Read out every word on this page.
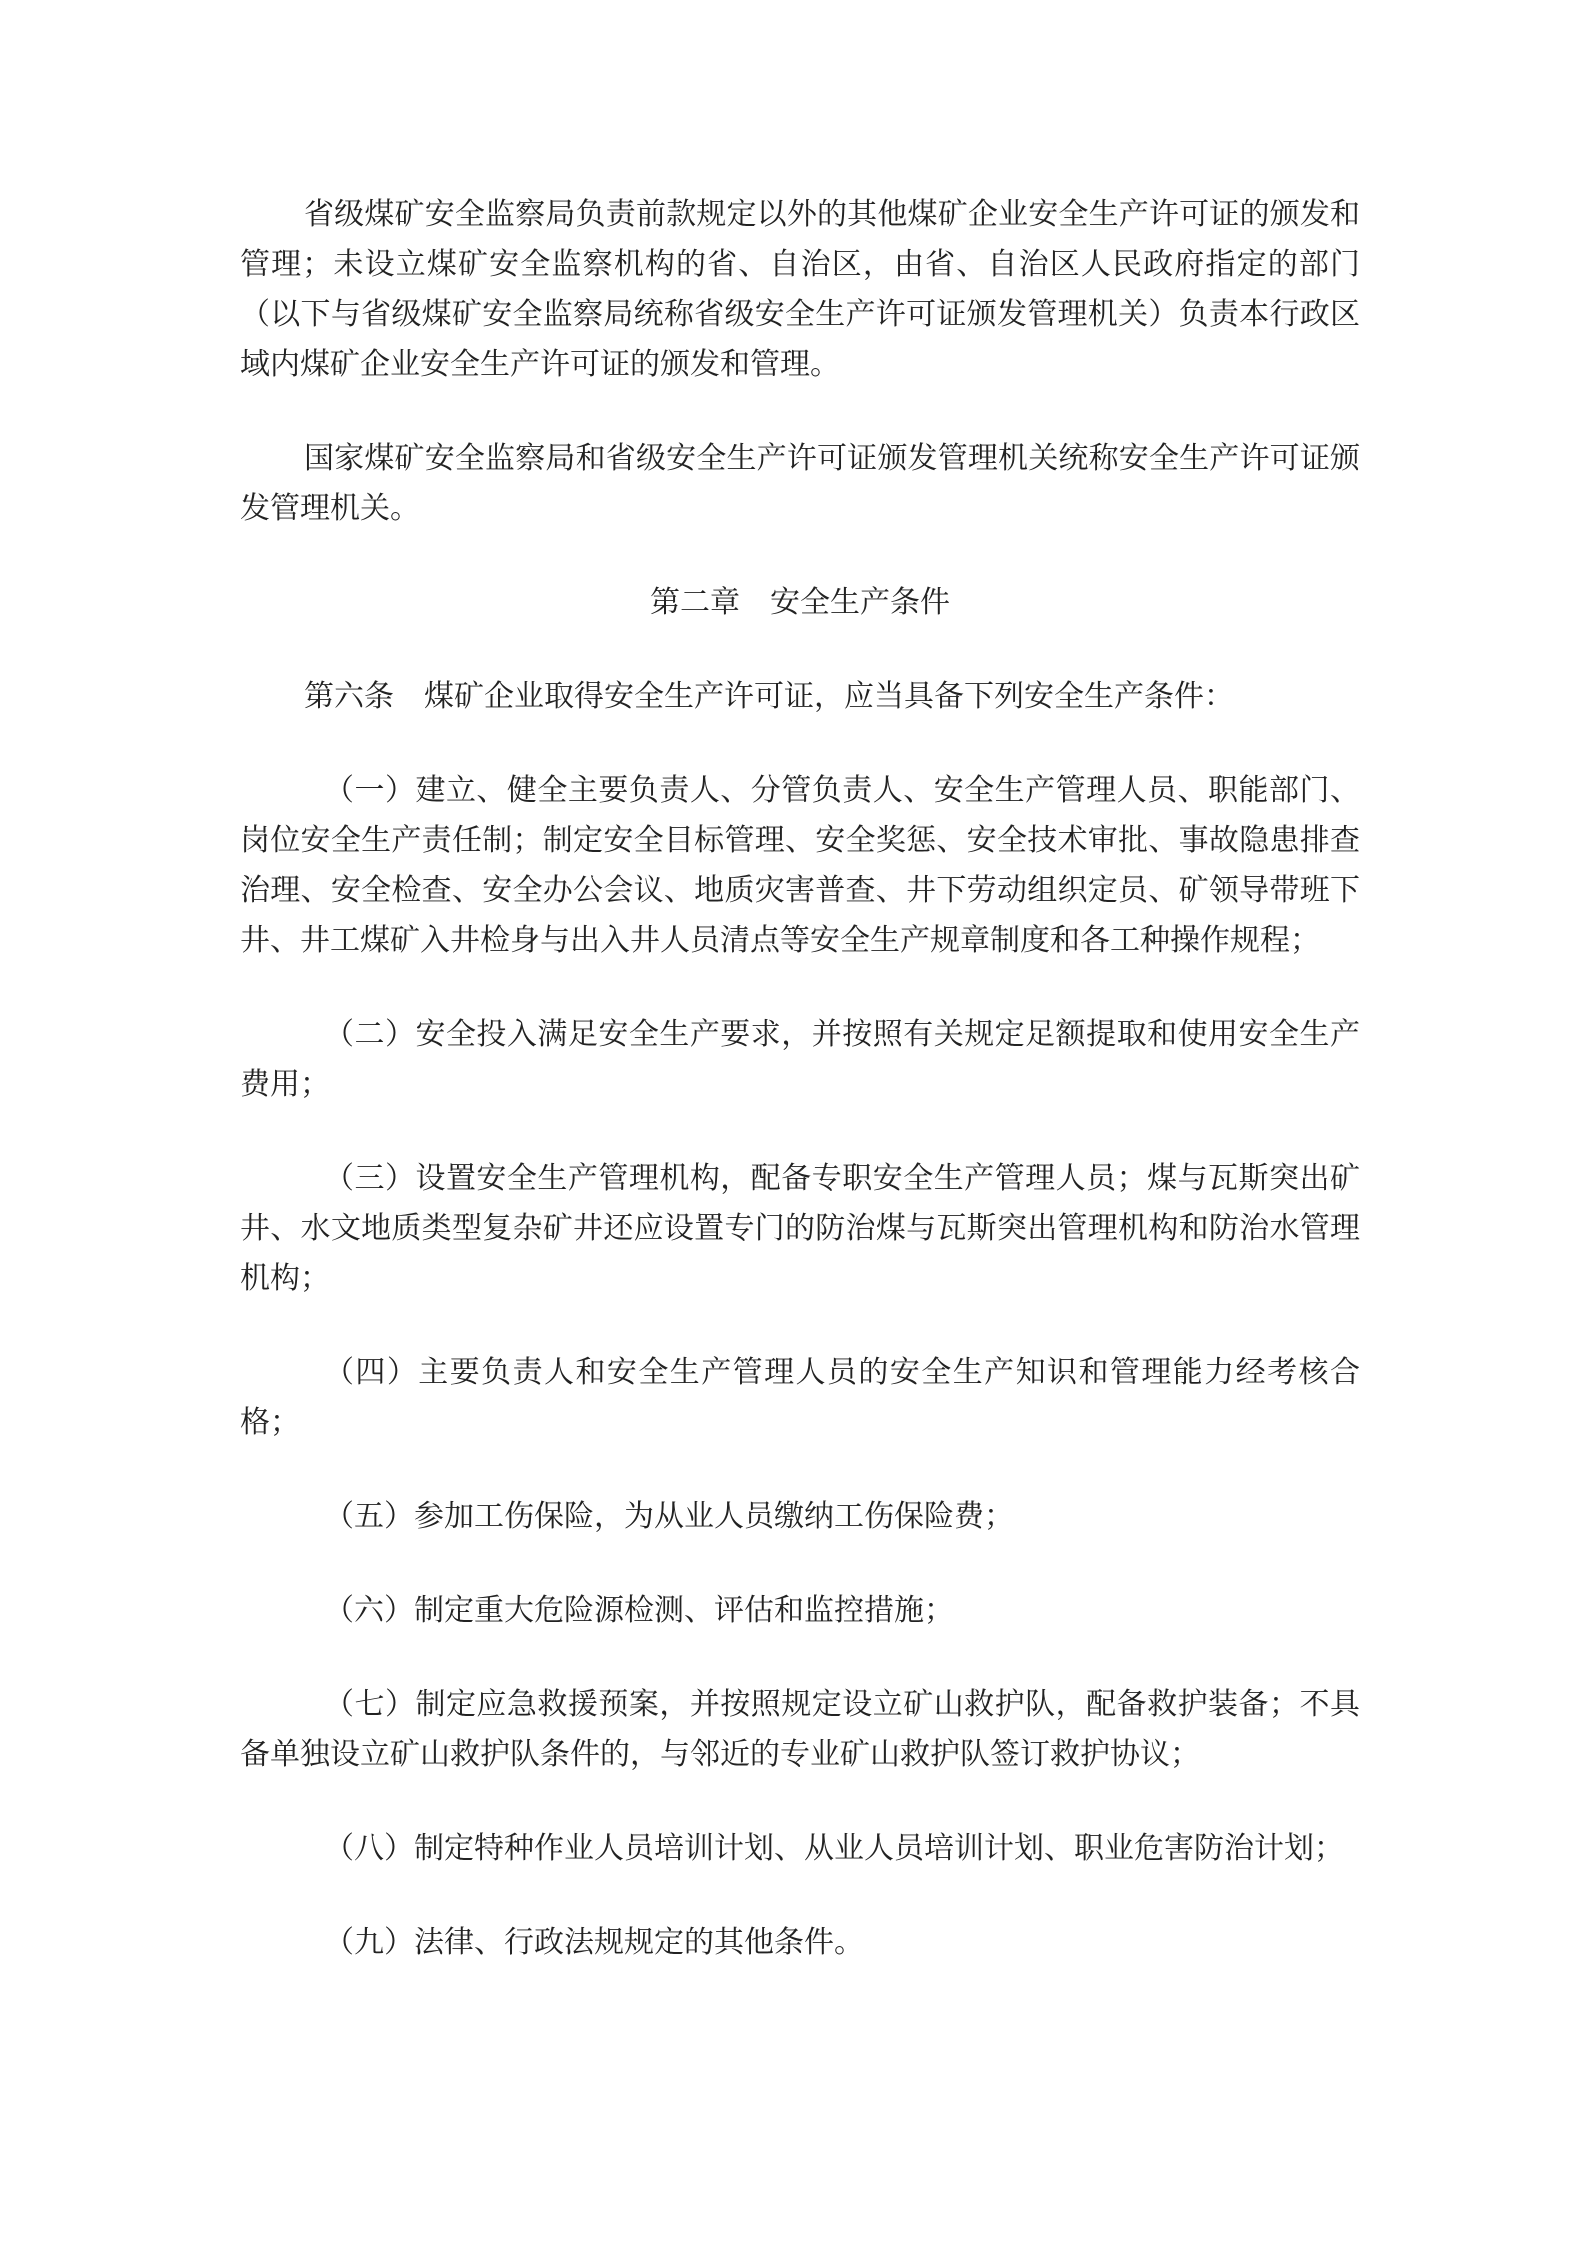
省级煤矿安全监察局负责前款规定以外的其他煤矿企业安全生产许可证的颁发和管理；未设立煤矿安全监察机构的省、自治区，由省、自治区人民政府指定的部门（以下与省级煤矿安全监察局统称省级安全生产许可证颁发管理机关）负责本行政区域内煤矿企业安全生产许可证的颁发和管理。

国家煤矿安全监察局和省级安全生产许可证颁发管理机关统称安全生产许可证颁发管理机关。

第二章　安全生产条件

第六条　煤矿企业取得安全生产许可证，应当具备下列安全生产条件：

（一）建立、健全主要负责人、分管负责人、安全生产管理人员、职能部门、岗位安全生产责任制；制定安全目标管理、安全奖惩、安全技术审批、事故隐患排查治理、安全检查、安全办公会议、地质灾害普查、井下劳动组织定员、矿领导带班下井、井工煤矿入井检身与出入井人员清点等安全生产规章制度和各工种操作规程；

（二）安全投入满足安全生产要求，并按照有关规定足额提取和使用安全生产费用；

（三）设置安全生产管理机构，配备专职安全生产管理人员；煤与瓦斯突出矿井、水文地质类型复杂矿井还应设置专门的防治煤与瓦斯突出管理机构和防治水管理机构；

（四）主要负责人和安全生产管理人员的安全生产知识和管理能力经考核合格；

（五）参加工伤保险，为从业人员缴纳工伤保险费；

（六）制定重大危险源检测、评估和监控措施；

（七）制定应急救援预案，并按照规定设立矿山救护队，配备救护装备；不具备单独设立矿山救护队条件的，与邻近的专业矿山救护队签订救护协议；

（八）制定特种作业人员培训计划、从业人员培训计划、职业危害防治计划；

（九）法律、行政法规规定的其他条件。
